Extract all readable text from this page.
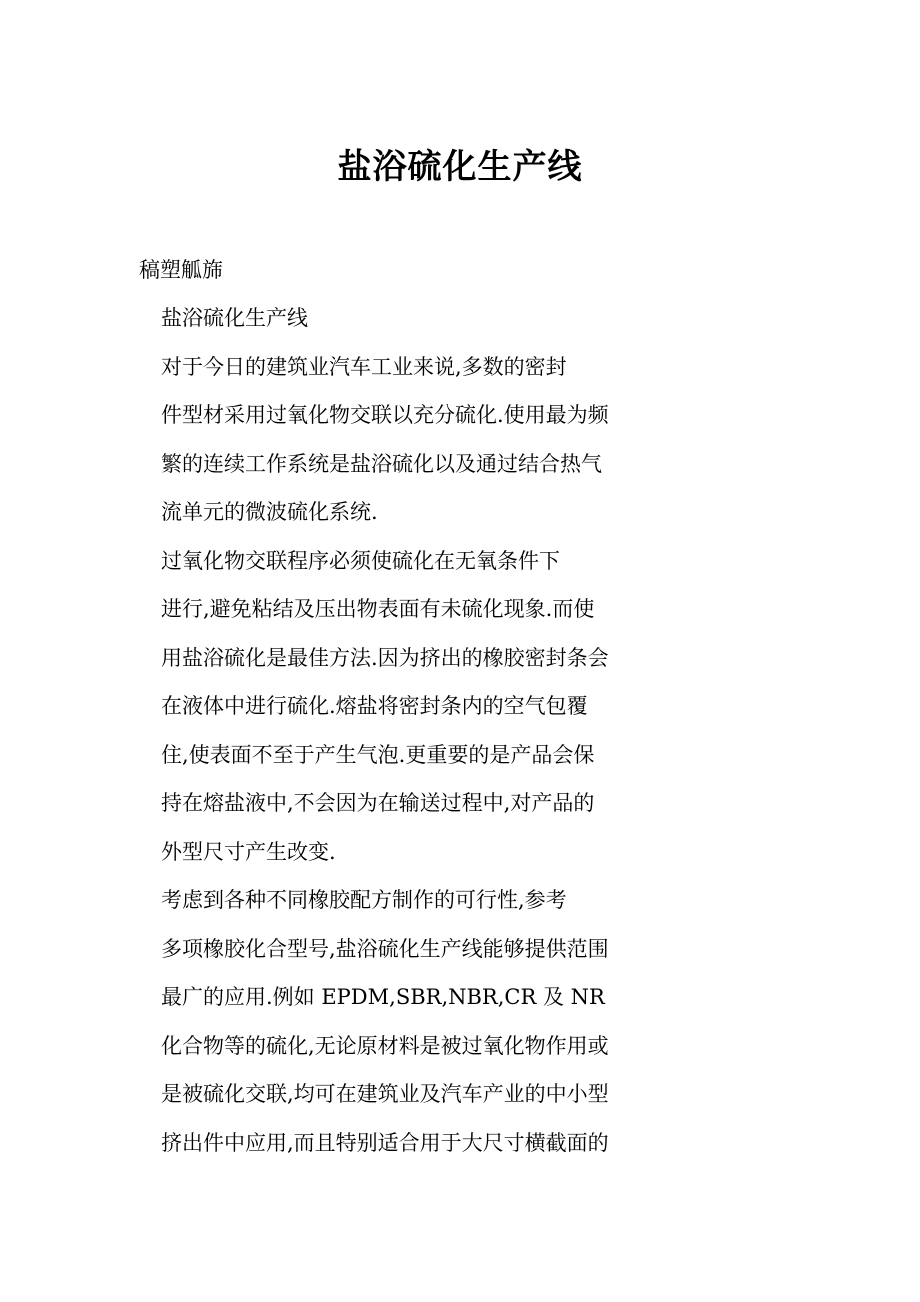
盐浴硫化生产线
稿塑觚旆
盐浴硫化生产线
对于今日的建筑业汽车工业来说,多数的密封
件型材采用过氧化物交联以充分硫化.使用最为频
繁的连续工作系统是盐浴硫化以及通过结合热气
流单元的微波硫化系统.
过氧化物交联程序必须使硫化在无氧条件下
进行,避免粘结及压出物表面有未硫化现象.而使
用盐浴硫化是最佳方法.因为挤出的橡胶密封条会
在液体中进行硫化.熔盐将密封条内的空气包覆
住,使表面不至于产生气泡.更重要的是产品会保
持在熔盐液中,不会因为在输送过程中,对产品的
外型尺寸产生改变.
考虑到各种不同橡胶配方制作的可行性,参考
多项橡胶化合型号,盐浴硫化生产线能够提供范围
最广的应用.例如 EPDM,SBR,NBR,CR 及 NR
化合物等的硫化,无论原材料是被过氧化物作用或
是被硫化交联,均可在建筑业及汽车产业的中小型
挤出件中应用,而且特别适合用于大尺寸横截面的
